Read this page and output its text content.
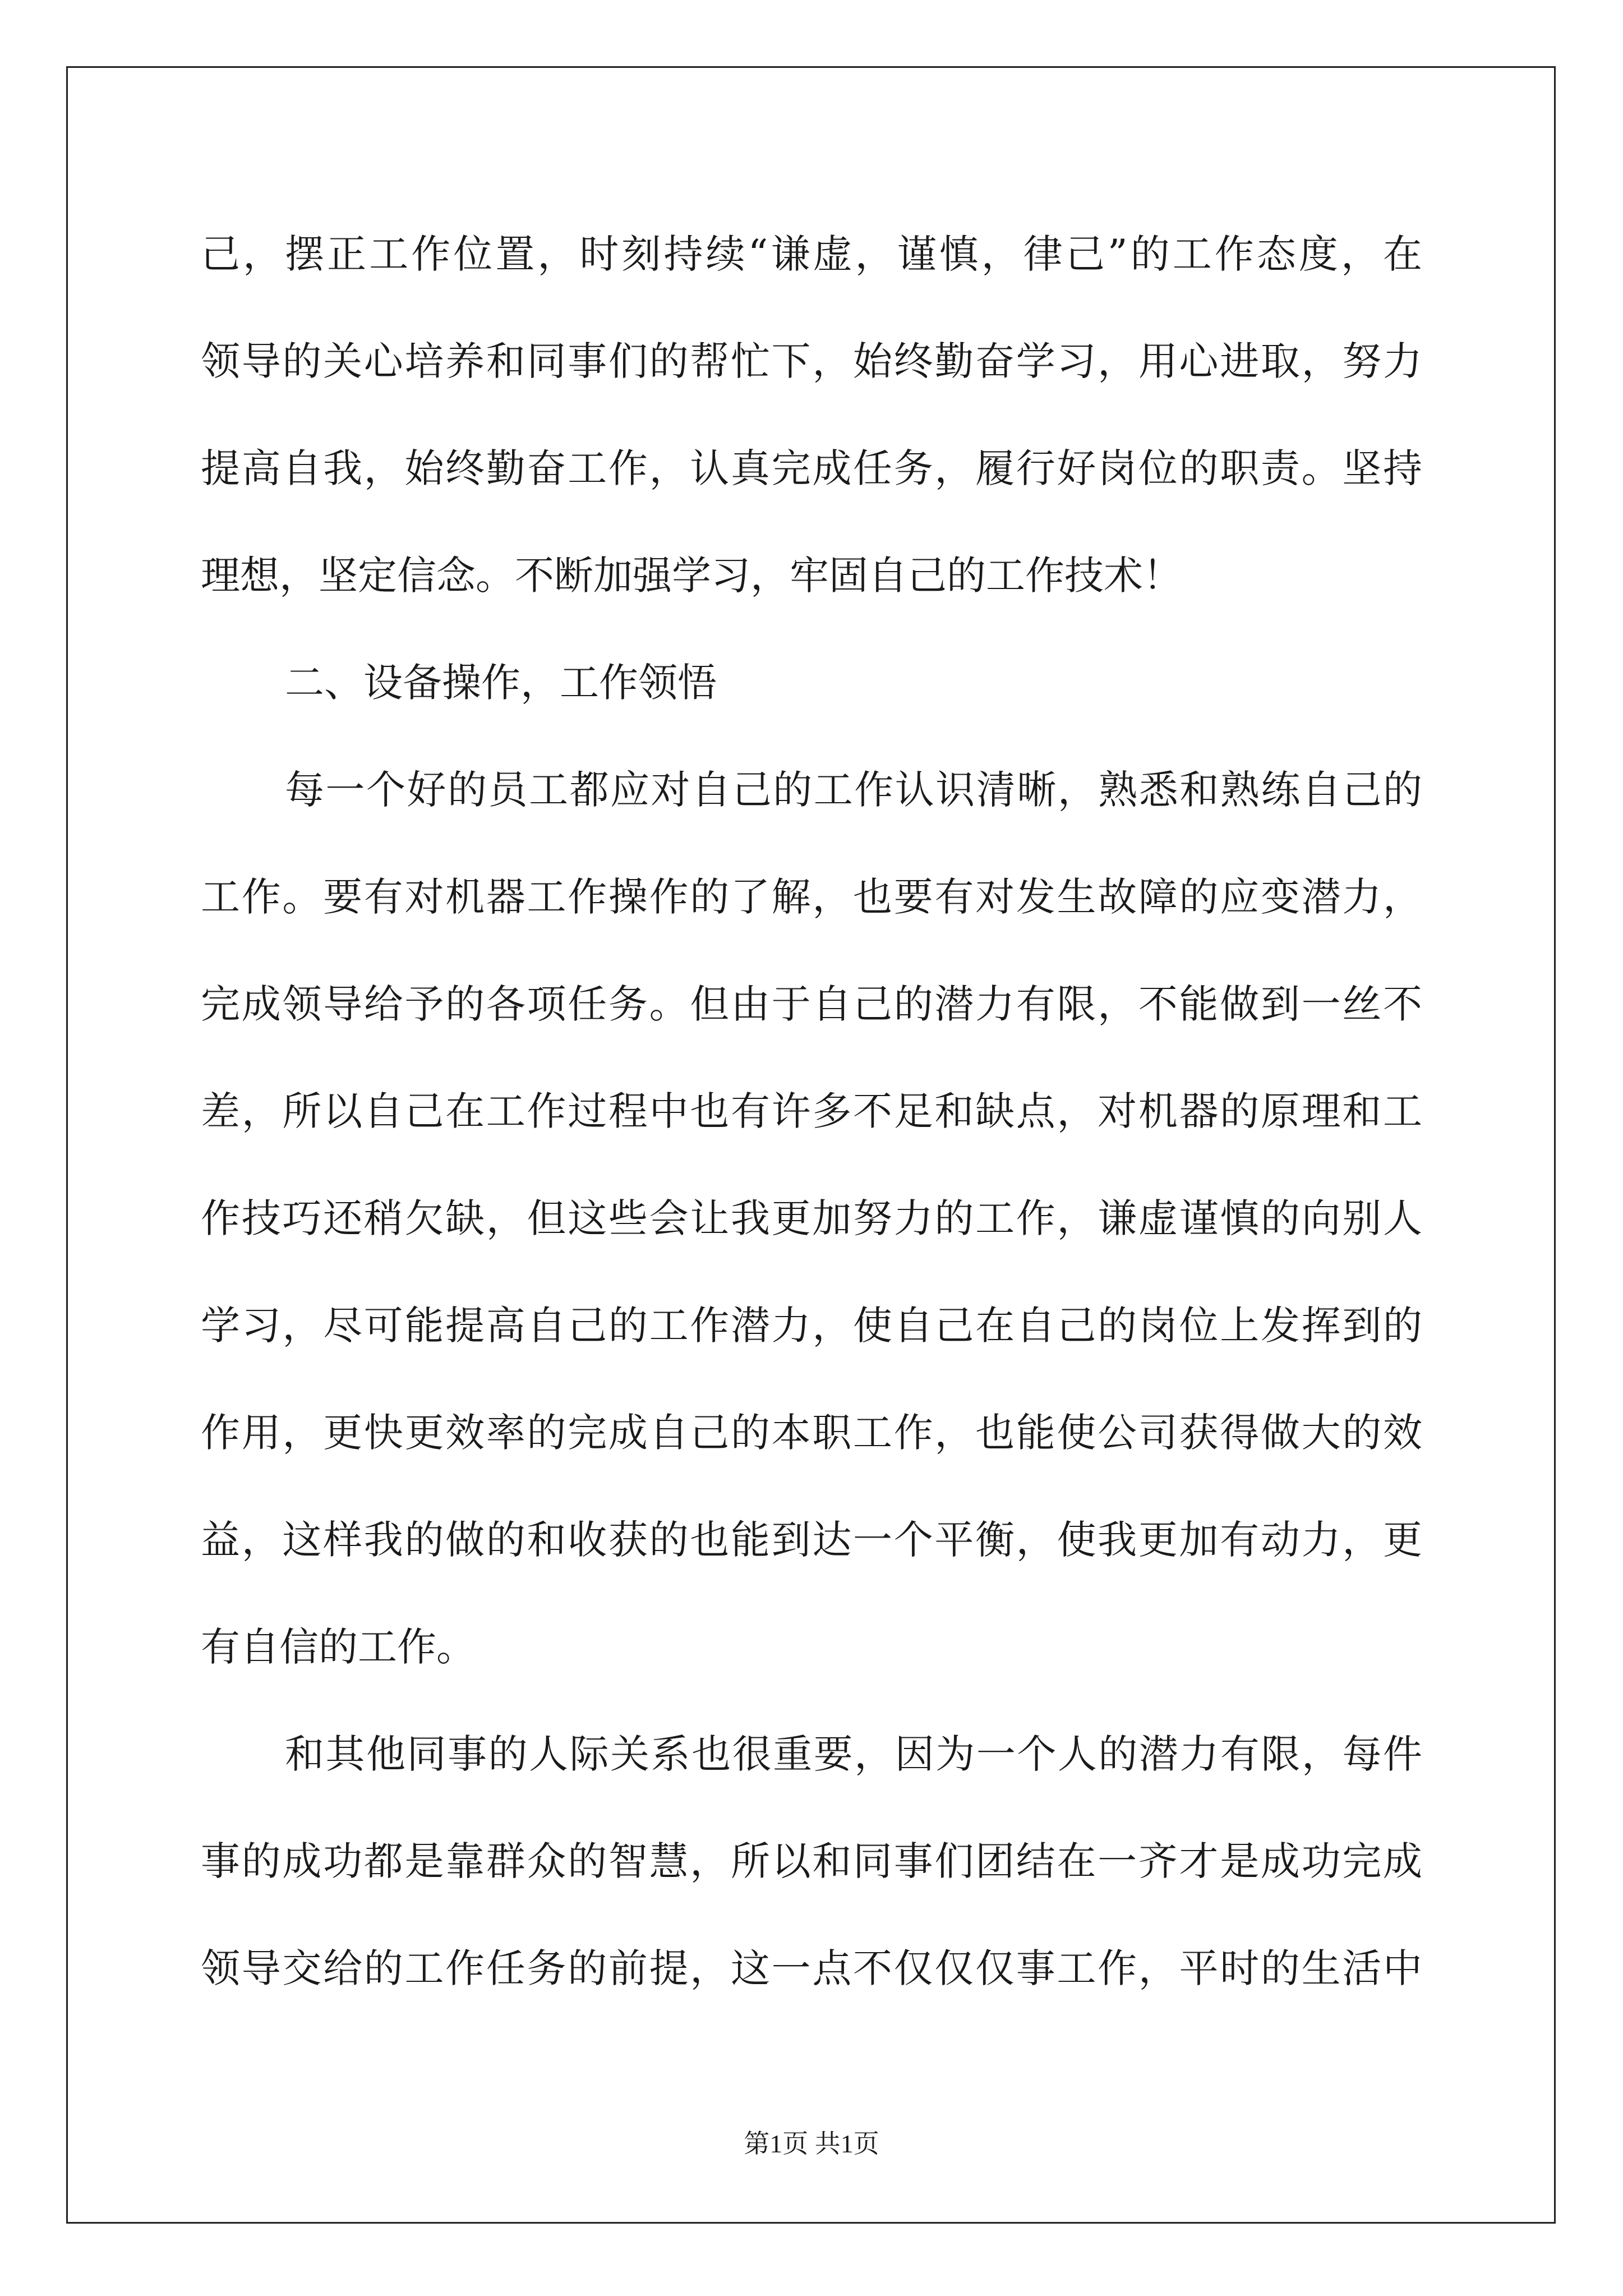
己，摆正工作位置，时刻持续“谦虚，谨慎，律己”的工作态度，在
领导的关心培养和同事们的帮忙下，始终勤奋学习，用心进取，努力
提高自我，始终勤奋工作，认真完成任务，履行好岗位的职责。坚持
理想，坚定信念。不断加强学习，牢固自己的工作技术！
二、设备操作，工作领悟
每一个好的员工都应对自己的工作认识清晰，熟悉和熟练自己的
工作。要有对机器工作操作的了解，也要有对发生故障的应变潜力，
完成领导给予的各项任务。但由于自己的潜力有限，不能做到一丝不
差，所以自己在工作过程中也有许多不足和缺点，对机器的原理和工
作技巧还稍欠缺，但这些会让我更加努力的工作，谦虚谨慎的向别人
学习，尽可能提高自己的工作潜力，使自己在自己的岗位上发挥到的
作用，更快更效率的完成自己的本职工作，也能使公司获得做大的效
益，这样我的做的和收获的也能到达一个平衡，使我更加有动力，更
有自信的工作。
和其他同事的人际关系也很重要，因为一个人的潜力有限，每件
事的成功都是靠群众的智慧，所以和同事们团结在一齐才是成功完成
领导交给的工作任务的前提，这一点不仅仅仅事工作，平时的生活中
第1页 共1页
